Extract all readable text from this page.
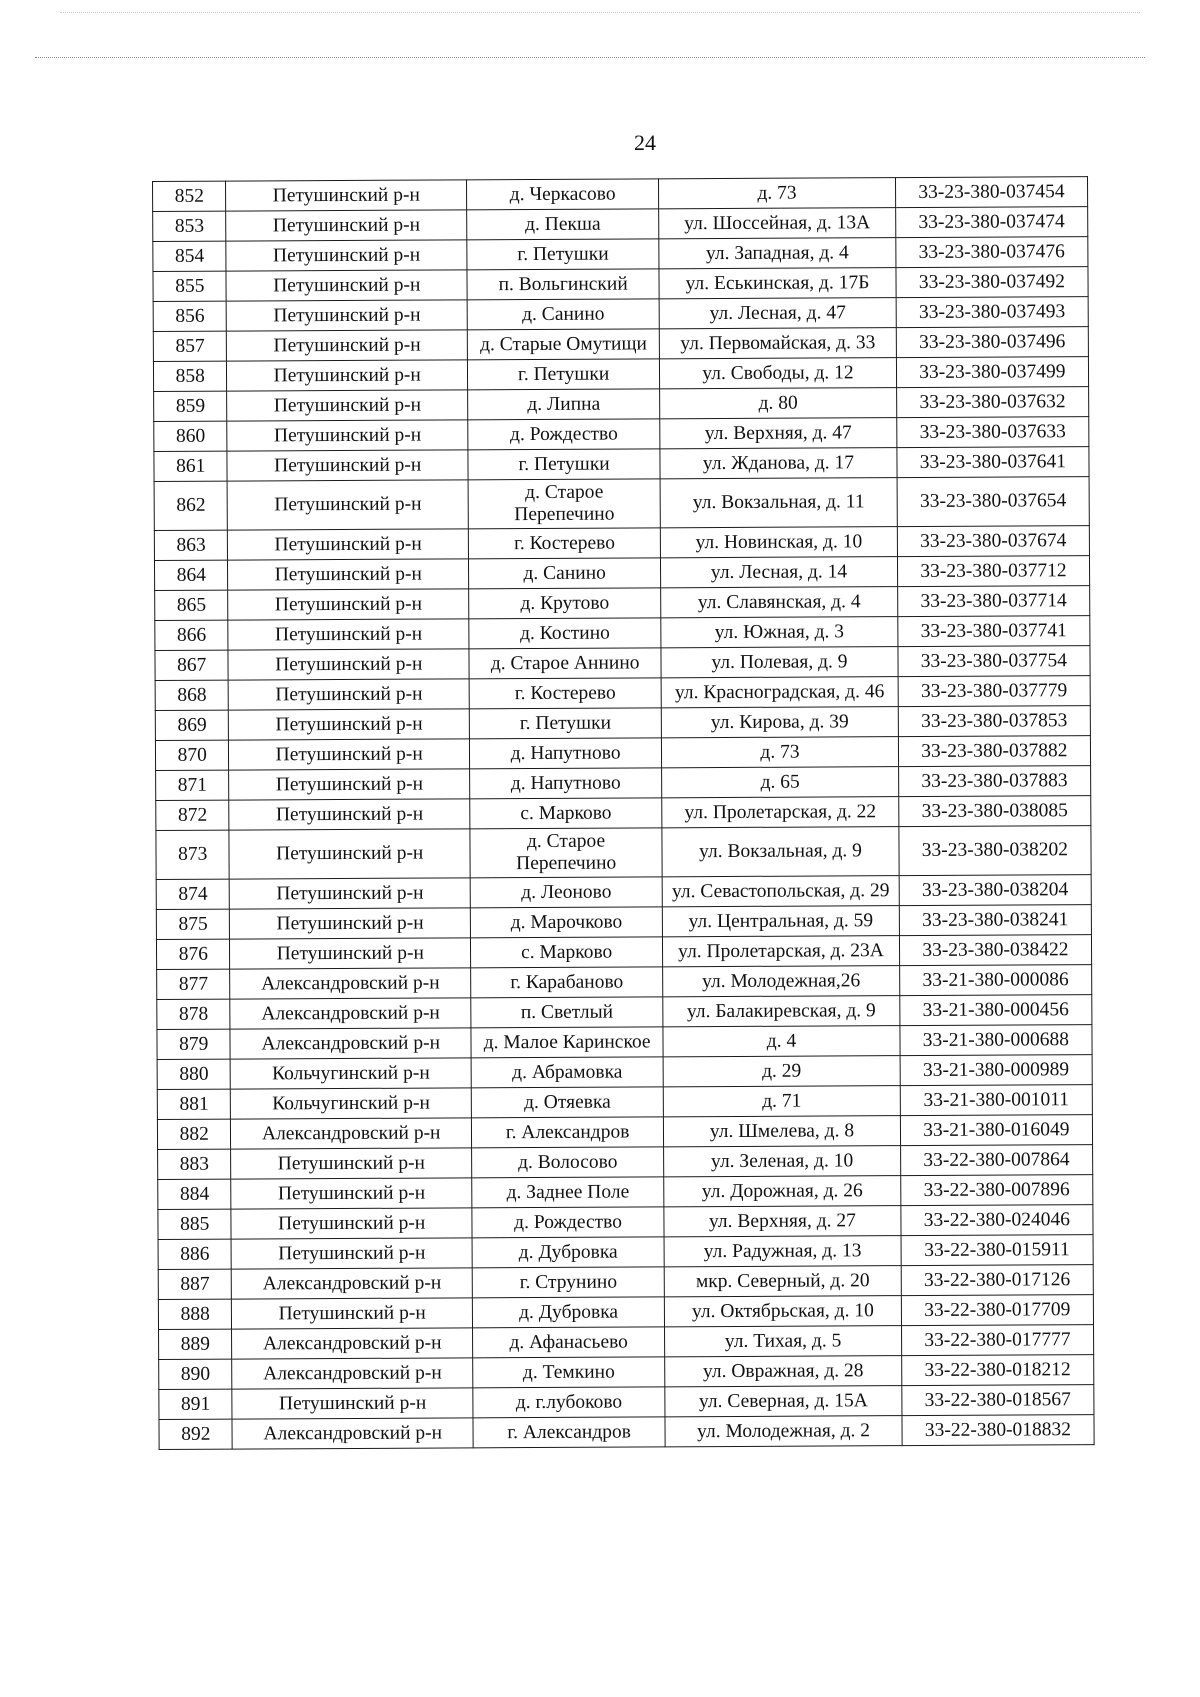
24
852	Петушинский р-н	д. Черкасово	д. 73	33-23-380-037454
853	Петушинский р-н	д. Пекша	ул. Шоссейная, д. 13А	33-23-380-037474
854	Петушинский р-н	г. Петушки	ул. Западная, д. 4	33-23-380-037476
855	Петушинский р-н	п. Вольгинский	ул. Еськинская, д. 17Б	33-23-380-037492
856	Петушинский р-н	д. Санино	ул. Лесная, д. 47	33-23-380-037493
857	Петушинский р-н	д. Старые Омутищи	ул. Первомайская, д. 33	33-23-380-037496
858	Петушинский р-н	г. Петушки	ул. Свободы, д. 12	33-23-380-037499
859	Петушинский р-н	д. Липна	д. 80	33-23-380-037632
860	Петушинский р-н	д. Рождество	ул. Верхняя, д. 47	33-23-380-037633
861	Петушинский р-н	г. Петушки	ул. Жданова, д. 17	33-23-380-037641
862	Петушинский р-н	д. Старое Перепечино	ул. Вокзальная, д. 11	33-23-380-037654
863	Петушинский р-н	г. Костерево	ул. Новинская, д. 10	33-23-380-037674
864	Петушинский р-н	д. Санино	ул. Лесная, д. 14	33-23-380-037712
865	Петушинский р-н	д. Крутово	ул. Славянская, д. 4	33-23-380-037714
866	Петушинский р-н	д. Костино	ул. Южная, д. 3	33-23-380-037741
867	Петушинский р-н	д. Старое Аннино	ул. Полевая, д. 9	33-23-380-037754
868	Петушинский р-н	г. Костерево	ул. Красноградская, д. 46	33-23-380-037779
869	Петушинский р-н	г. Петушки	ул. Кирова, д. 39	33-23-380-037853
870	Петушинский р-н	д. Напутново	д. 73	33-23-380-037882
871	Петушинский р-н	д. Напутново	д. 65	33-23-380-037883
872	Петушинский р-н	с. Марково	ул. Пролетарская, д. 22	33-23-380-038085
873	Петушинский р-н	д. Старое Перепечино	ул. Вокзальная, д. 9	33-23-380-038202
874	Петушинский р-н	д. Леоново	ул. Севастопольская, д. 29	33-23-380-038204
875	Петушинский р-н	д. Марочково	ул. Центральная, д. 59	33-23-380-038241
876	Петушинский р-н	с. Марково	ул. Пролетарская, д. 23А	33-23-380-038422
877	Александровский р-н	г. Карабаново	ул. Молодежная,26	33-21-380-000086
878	Александровский р-н	п. Светлый	ул. Балакиревская, д. 9	33-21-380-000456
879	Александровский р-н	д. Малое Каринское	д. 4	33-21-380-000688
880	Кольчугинский р-н	д. Абрамовка	д. 29	33-21-380-000989
881	Кольчугинский р-н	д. Отяевка	д. 71	33-21-380-001011
882	Александровский р-н	г. Александров	ул. Шмелева, д. 8	33-21-380-016049
883	Петушинский р-н	д. Волосово	ул. Зеленая, д. 10	33-22-380-007864
884	Петушинский р-н	д. Заднее Поле	ул. Дорожная, д. 26	33-22-380-007896
885	Петушинский р-н	д. Рождество	ул. Верхняя, д. 27	33-22-380-024046
886	Петушинский р-н	д. Дубровка	ул. Радужная, д. 13	33-22-380-015911
887	Александровский р-н	г. Струнино	мкр. Северный, д. 20	33-22-380-017126
888	Петушинский р-н	д. Дубровка	ул. Октябрьская, д. 10	33-22-380-017709
889	Александровский р-н	д. Афанасьево	ул. Тихая, д. 5	33-22-380-017777
890	Александровский р-н	д. Темкино	ул. Овражная, д. 28	33-22-380-018212
891	Петушинский р-н	д. г.лубоково	ул. Северная, д. 15А	33-22-380-018567
892	Александровский р-н	г. Александров	ул. Молодежная, д. 2	33-22-380-018832
